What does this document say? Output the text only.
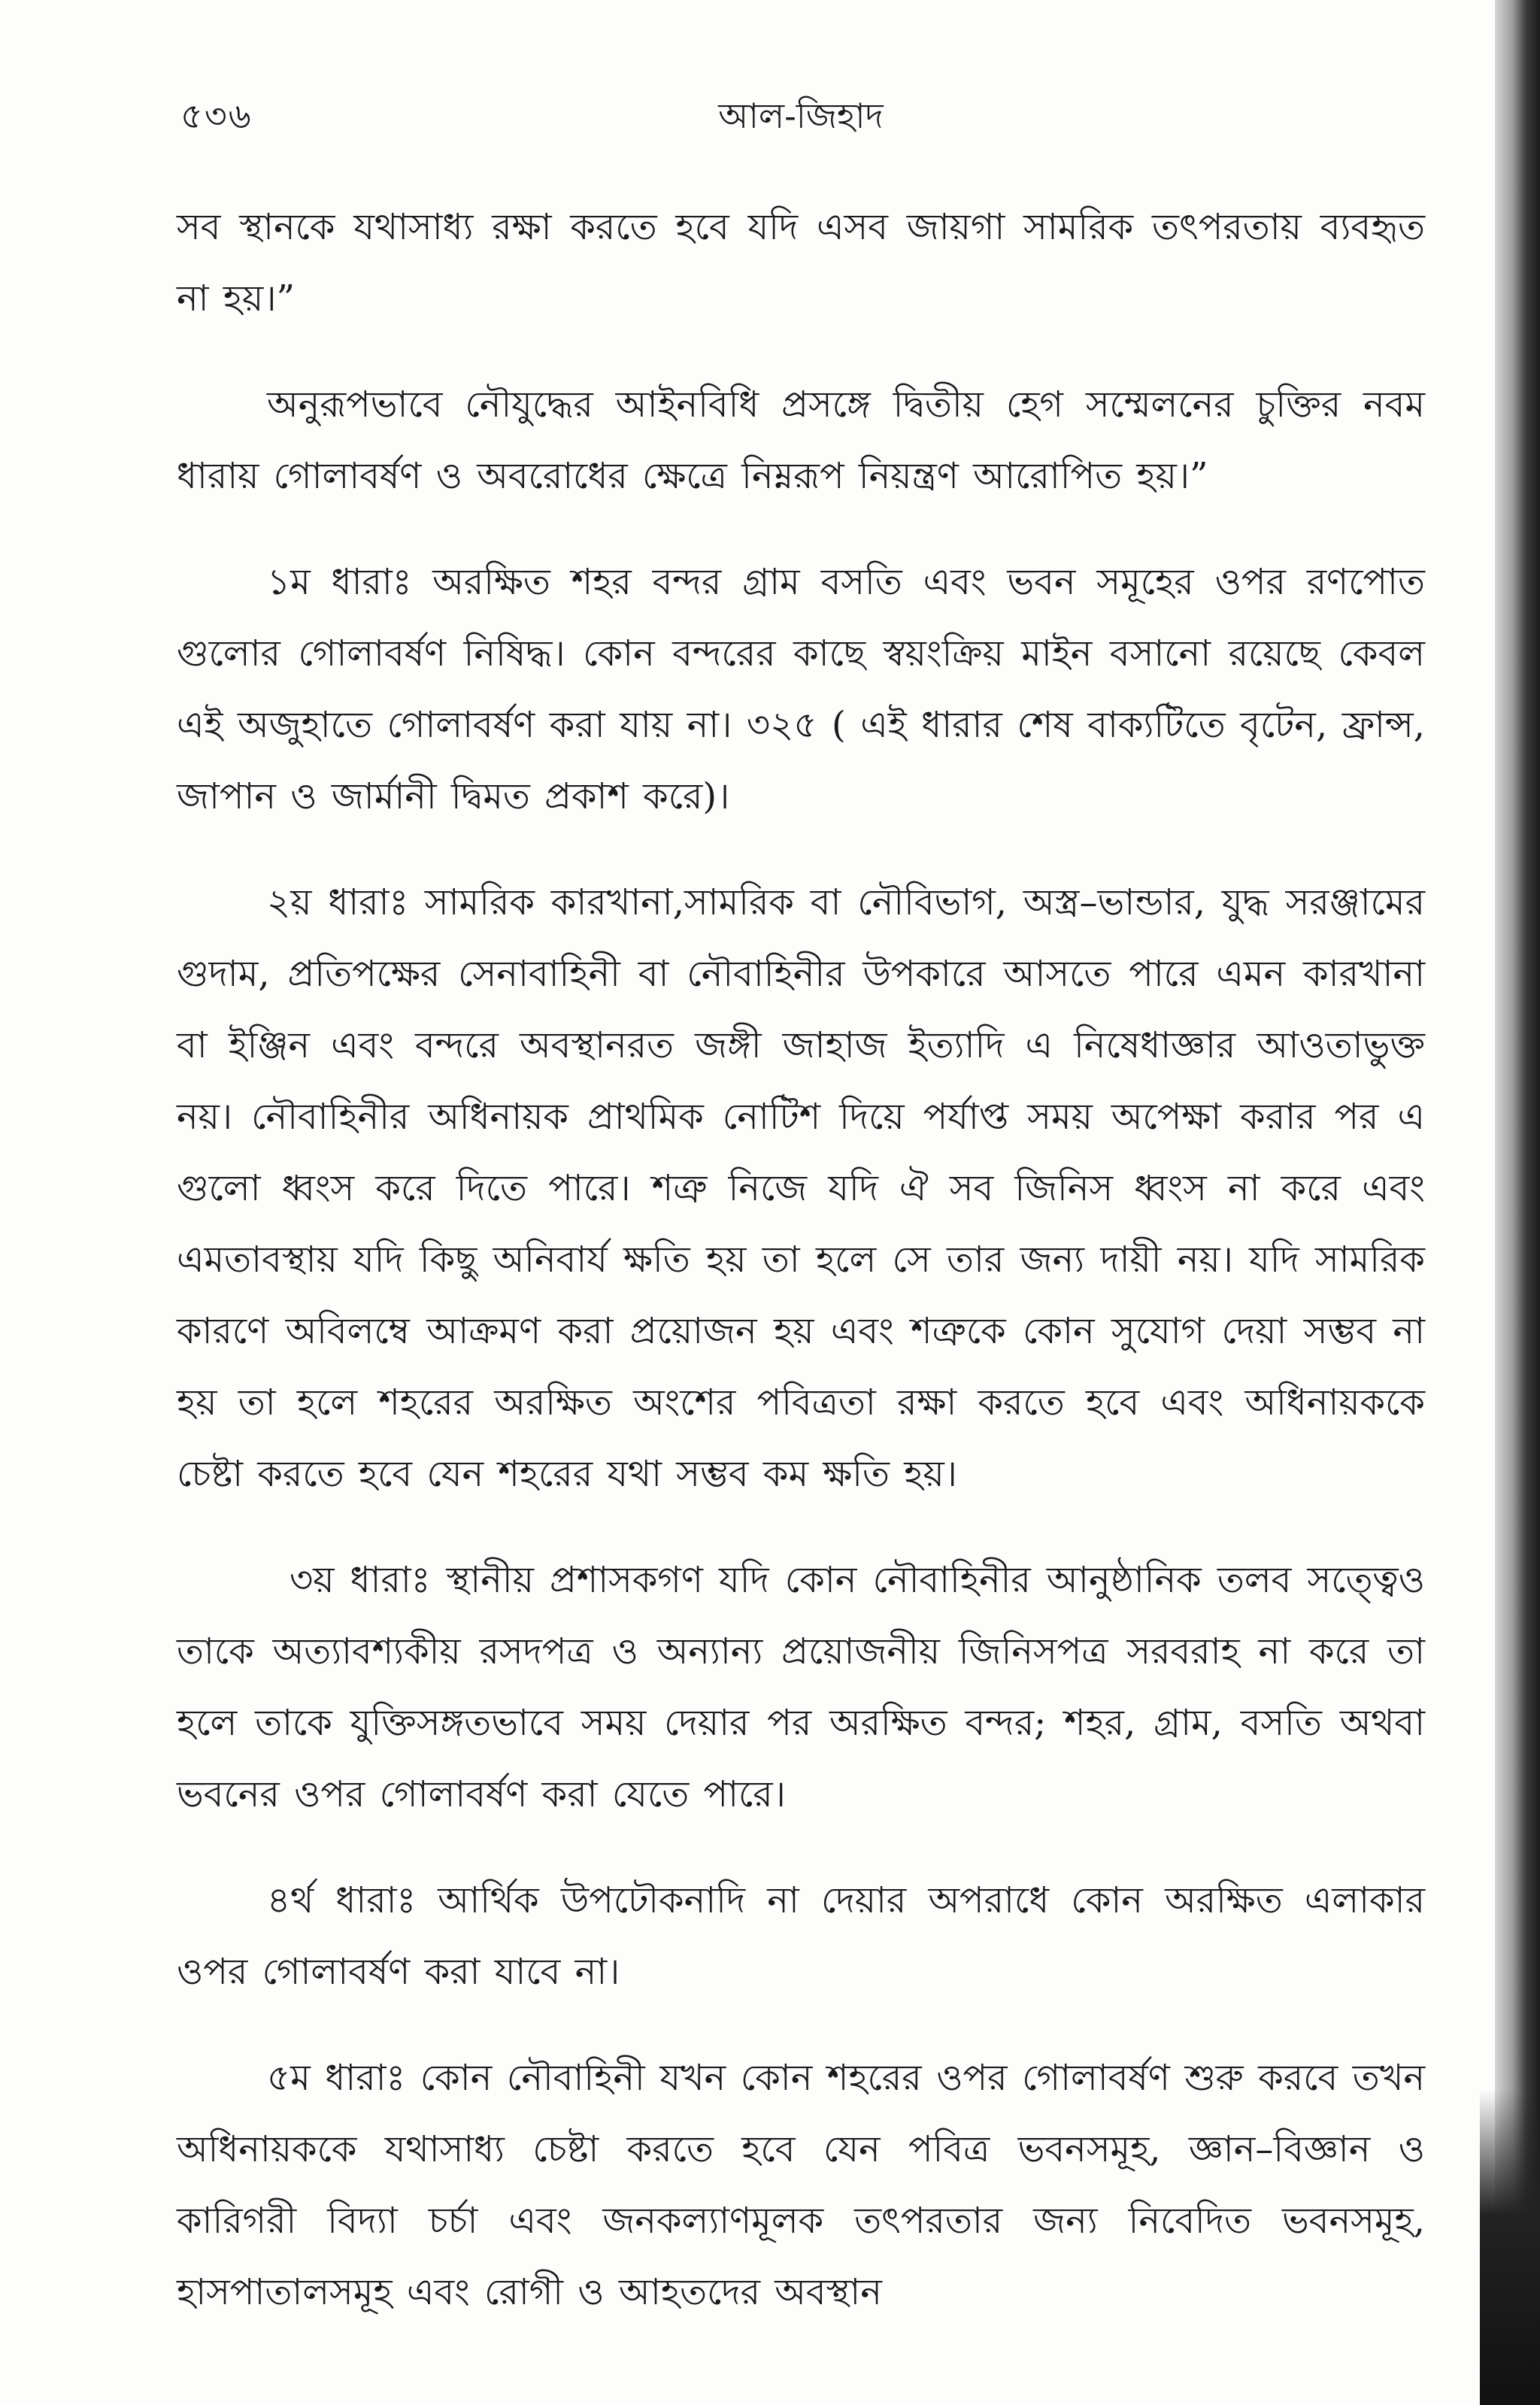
৫৩৬	আল-জিহাদ

সব স্থানকে যথাসাধ্য রক্ষা করতে হবে যদি এসব জায়গা সামরিক তৎপরতায় ব্যবহৃত না হয়।”

অনুরূপভাবে নৌযুদ্ধের আইনবিধি প্রসঙ্গে দ্বিতীয় হেগ সম্মেলনের চুক্তির নবম ধারায় গোলাবর্ষণ ও অবরোধের ক্ষেত্রে নিম্নরূপ নিয়ন্ত্রণ আরোপিত হয়।”

১ম ধারাঃ অরক্ষিত শহর বন্দর গ্রাম বসতি এবং ভবন সমূহের ওপর রণপোত গুলোর গোলাবর্ষণ নিষিদ্ধ। কোন বন্দরের কাছে স্বয়ংক্রিয় মাইন বসানো রয়েছে কেবল এই অজুহাতে গোলাবর্ষণ করা যায় না। ৩২৫ ( এই ধারার শেষ বাক্যটিতে বৃটেন, ফ্রান্স, জাপান ও জার্মানী দ্বিমত প্রকাশ করে)।

২য় ধারাঃ সামরিক কারখানা,সামরিক বা নৌবিভাগ, অস্ত্র–ভান্ডার, যুদ্ধ সরঞ্জামের গুদাম, প্রতিপক্ষের সেনাবাহিনী বা নৌবাহিনীর উপকারে আসতে পারে এমন কারখানা বা ইঞ্জিন এবং বন্দরে অবস্থানরত জঙ্গী জাহাজ ইত্যাদি এ নিষেধাজ্ঞার আওতাভুক্ত নয়। নৌবাহিনীর অধিনায়ক প্রাথমিক নোটিশ দিয়ে পর্যাপ্ত সময় অপেক্ষা করার পর এ গুলো ধ্বংস করে দিতে পারে। শত্রু নিজে যদি ঐ সব জিনিস ধ্বংস না করে এবং এমতাবস্থায় যদি কিছু অনিবার্য ক্ষতি হয় তা হলে সে তার জন্য দায়ী নয়। যদি সামরিক কারণে অবিলম্বে আক্রমণ করা প্রয়োজন হয় এবং শত্রুকে কোন সুযোগ দেয়া সম্ভব না হয় তা হলে শহরের অরক্ষিত অংশের পবিত্রতা রক্ষা করতে হবে এবং অধিনায়ককে চেষ্টা করতে হবে যেন শহরের যথা সম্ভব কম ক্ষতি হয়।

৩য় ধারাঃ স্থানীয় প্রশাসকগণ যদি কোন নৌবাহিনীর আনুষ্ঠানিক তলব সত্ত্বেও তাকে অত্যাবশ্যকীয় রসদপত্র ও অন্যান্য প্রয়োজনীয় জিনিসপত্র সরবরাহ না করে তা হলে তাকে যুক্তিসঙ্গতভাবে সময় দেয়ার পর অরক্ষিত বন্দর; শহর, গ্রাম, বসতি অথবা ভবনের ওপর গোলাবর্ষণ করা যেতে পারে।

৪র্থ ধারাঃ আর্থিক উপঢৌকনাদি না দেয়ার অপরাধে কোন অরক্ষিত এলাকার ওপর গোলাবর্ষণ করা যাবে না।

৫ম ধারাঃ কোন নৌবাহিনী যখন কোন শহরের ওপর গোলাবর্ষণ শুরু করবে তখন অধিনায়ককে যথাসাধ্য চেষ্টা করতে হবে যেন পবিত্র ভবনসমূহ, জ্ঞান–বিজ্ঞান ও কারিগরী বিদ্যা চর্চা এবং জনকল্যাণমূলক তৎপরতার জন্য নিবেদিত ভবনসমূহ, হাসপাতালসমূহ এবং রোগী ও আহতদের অবস্থান
